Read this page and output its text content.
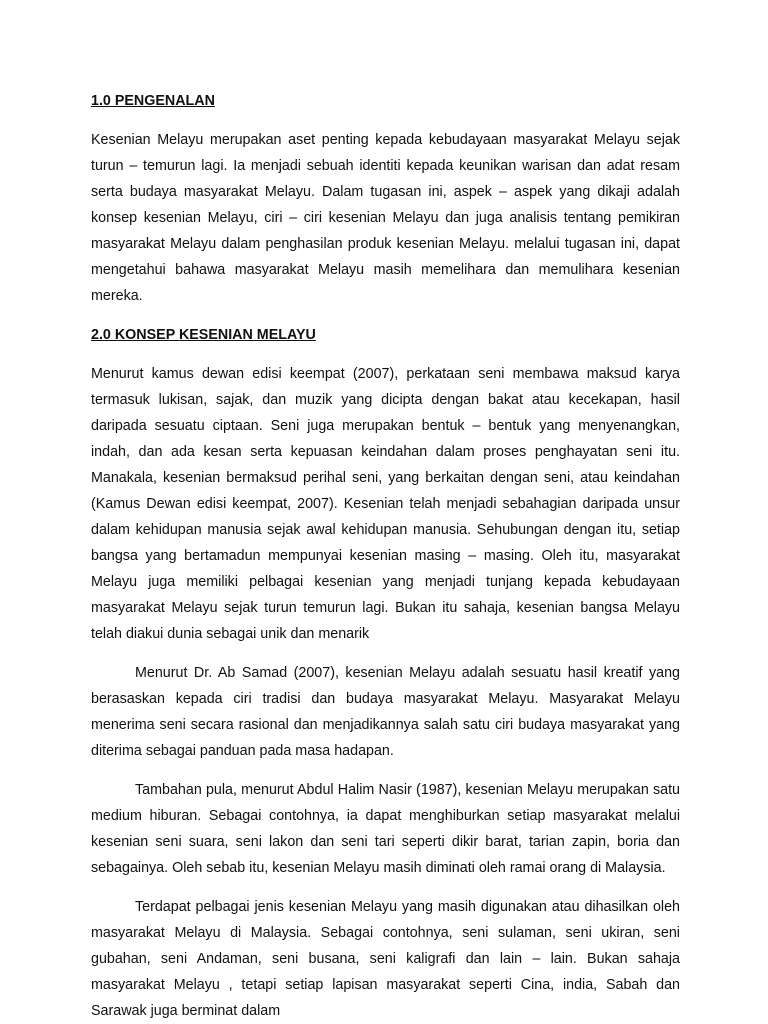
1.0 PENGENALAN

Kesenian Melayu merupakan aset penting kepada kebudayaan masyarakat Melayu sejak turun – temurun lagi. Ia menjadi sebuah identiti kepada keunikan warisan dan adat resam serta budaya masyarakat Melayu. Dalam tugasan ini, aspek – aspek yang dikaji adalah konsep kesenian Melayu, ciri – ciri kesenian Melayu dan juga analisis tentang pemikiran masyarakat Melayu dalam penghasilan produk kesenian Melayu. melalui tugasan ini, dapat mengetahui bahawa masyarakat Melayu masih memelihara dan memulihara kesenian mereka.

2.0 KONSEP KESENIAN MELAYU

Menurut kamus dewan edisi keempat (2007), perkataan seni membawa maksud karya termasuk lukisan, sajak, dan muzik yang dicipta dengan bakat atau kecekapan, hasil daripada sesuatu ciptaan. Seni juga merupakan bentuk – bentuk yang menyenangkan, indah, dan ada kesan serta kepuasan keindahan dalam proses penghayatan seni itu. Manakala, kesenian bermaksud perihal seni, yang berkaitan dengan seni, atau keindahan (Kamus Dewan edisi keempat, 2007). Kesenian telah menjadi sebahagian daripada unsur dalam kehidupan manusia sejak awal kehidupan manusia. Sehubungan dengan itu, setiap bangsa yang bertamadun mempunyai kesenian masing – masing. Oleh itu, masyarakat Melayu juga memiliki pelbagai kesenian yang menjadi tunjang kepada kebudayaan masyarakat Melayu sejak turun temurun lagi. Bukan itu sahaja, kesenian bangsa Melayu telah diakui dunia sebagai unik dan menarik

Menurut Dr. Ab Samad (2007), kesenian Melayu adalah sesuatu hasil kreatif yang berasaskan kepada ciri tradisi dan budaya masyarakat Melayu. Masyarakat Melayu menerima seni secara rasional dan menjadikannya salah satu ciri budaya masyarakat yang diterima sebagai panduan pada masa hadapan.

Tambahan pula, menurut Abdul Halim Nasir (1987), kesenian Melayu merupakan satu medium hiburan. Sebagai contohnya, ia dapat menghiburkan setiap masyarakat melalui kesenian seni suara, seni lakon dan seni tari seperti dikir barat, tarian zapin, boria dan sebagainya. Oleh sebab itu, kesenian Melayu masih diminati oleh ramai orang di Malaysia.

Terdapat pelbagai jenis kesenian Melayu yang masih digunakan atau dihasilkan oleh masyarakat Melayu di Malaysia. Sebagai contohnya, seni sulaman, seni ukiran, seni gubahan, seni Andaman, seni busana, seni kaligrafi dan lain – lain. Bukan sahaja masyarakat Melayu , tetapi setiap lapisan masyarakat seperti Cina, india, Sabah dan Sarawak juga berminat dalam
